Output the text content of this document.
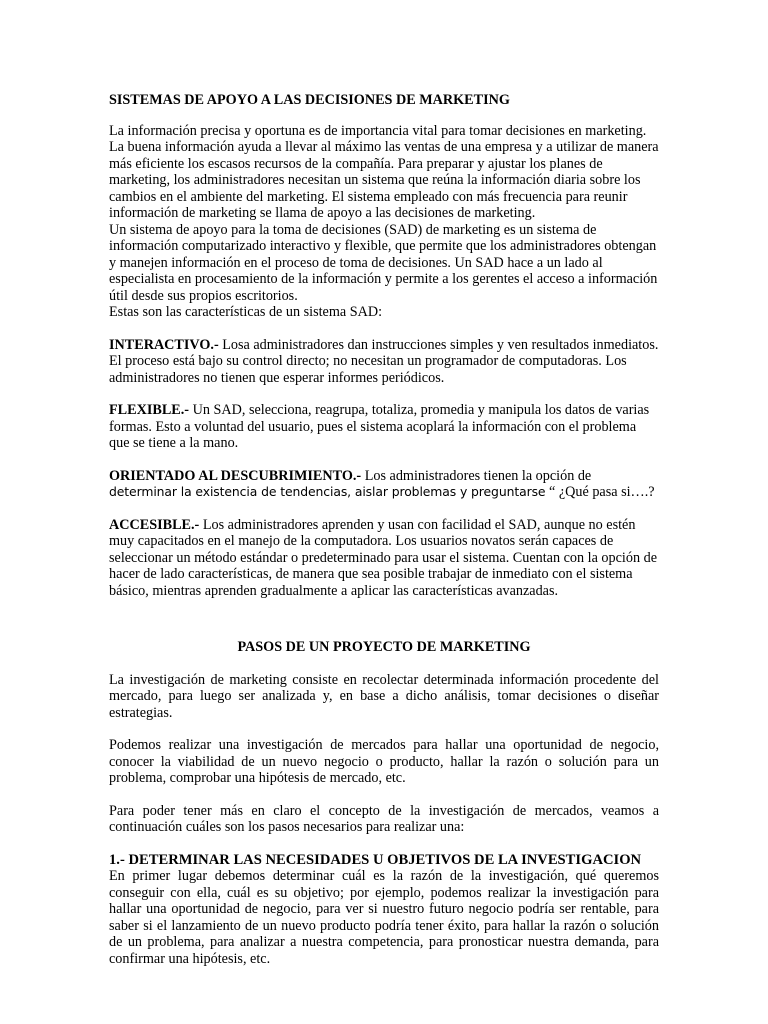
SISTEMAS DE APOYO A LAS DECISIONES DE MARKETING

La información precisa y oportuna es de importancia vital para tomar decisiones en marketing. La buena información ayuda a llevar al máximo las ventas de una empresa y a utilizar de manera más eficiente los escasos recursos de la compañía. Para preparar y ajustar los planes de marketing, los administradores necesitan un sistema que reúna la información diaria sobre los cambios en el ambiente del marketing. El sistema empleado con más frecuencia para reunir información de marketing se llama de apoyo a las decisiones de marketing.

Un sistema de apoyo para la toma de decisiones (SAD) de marketing es un sistema de información computarizado interactivo y flexible, que permite que los administradores obtengan y manejen información en el proceso de toma de decisiones. Un SAD hace a un lado al especialista en procesamiento de la información y permite a los gerentes el acceso a información útil desde sus propios escritorios.

Estas son las características de un sistema SAD:

INTERACTIVO.- Losa administradores dan instrucciones simples y ven resultados inmediatos. El proceso está bajo su control directo; no necesitan un programador de computadoras. Los administradores no tienen que esperar informes periódicos.

FLEXIBLE.- Un SAD, selecciona, reagrupa, totaliza, promedia y manipula los datos de varias formas. Esto a voluntad del usuario, pues el sistema acoplará la información con el problema que se tiene a la mano.

ORIENTADO AL DESCUBRIMIENTO.- Los administradores tienen la opción de
determinar la existencia de tendencias, aislar problemas y preguntarse “ ¿Qué pasa si….?

ACCESIBLE.- Los administradores aprenden y usan con facilidad el SAD, aunque no estén muy capacitados en el manejo de la computadora. Los usuarios novatos serán capaces de seleccionar un método estándar o predeterminado para usar el sistema. Cuentan con la opción de hacer de lado características, de manera que sea posible trabajar de inmediato con el sistema básico, mientras aprenden gradualmente a aplicar las características avanzadas.

PASOS DE UN PROYECTO DE MARKETING

La investigación de marketing consiste en recolectar determinada información procedente del mercado, para luego ser analizada y, en base a dicho análisis, tomar decisiones o diseñar estrategias.

Podemos realizar una investigación de mercados para hallar una oportunidad de negocio, conocer la viabilidad de un nuevo negocio o producto, hallar la razón o solución para un problema, comprobar una hipótesis de mercado, etc.

Para poder tener más en claro el concepto de la investigación de mercados, veamos a continuación cuáles son los pasos necesarios para realizar una:

1.- DETERMINAR LAS NECESIDADES U OBJETIVOS DE LA INVESTIGACION

En primer lugar debemos determinar cuál es la razón de la investigación, qué queremos conseguir con ella, cuál es su objetivo; por ejemplo, podemos realizar la investigación para hallar una oportunidad de negocio, para ver si nuestro futuro negocio podría ser rentable, para saber si el lanzamiento de un nuevo producto podría tener éxito, para hallar la razón o solución de un problema, para analizar a nuestra competencia, para pronosticar nuestra demanda, para confirmar una hipótesis, etc.
